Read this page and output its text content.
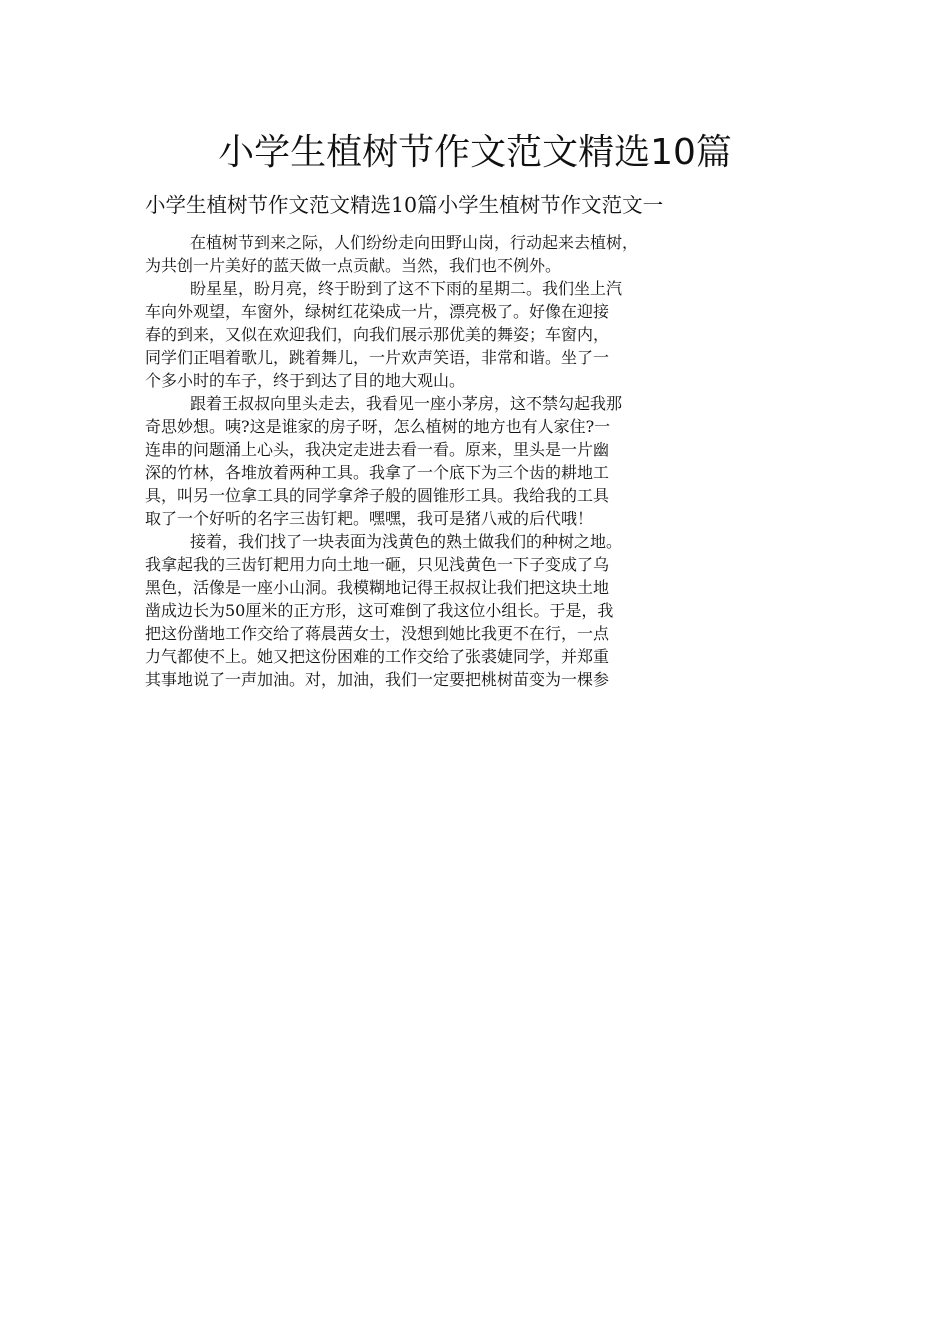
小学生植树节作文范文精选10篇

小学生植树节作文范文精选10篇小学生植树节作文范文一

在植树节到来之际，人们纷纷走向田野山岗，行动起来去植树，
为共创一片美好的蓝天做一点贡献。当然，我们也不例外。
盼星星，盼月亮，终于盼到了这不下雨的星期二。我们坐上汽
车向外观望，车窗外，绿树红花染成一片，漂亮极了。好像在迎接
春的到来，又似在欢迎我们，向我们展示那优美的舞姿；车窗内，
同学们正唱着歌儿，跳着舞儿，一片欢声笑语，非常和谐。坐了一
个多小时的车子，终于到达了目的地大观山。
跟着王叔叔向里头走去，我看见一座小茅房，这不禁勾起我那
奇思妙想。咦?这是谁家的房子呀，怎么植树的地方也有人家住?一
连串的问题涌上心头，我决定走进去看一看。原来，里头是一片幽
深的竹林，各堆放着两种工具。我拿了一个底下为三个齿的耕地工
具，叫另一位拿工具的同学拿斧子般的圆锥形工具。我给我的工具
取了一个好听的名字三齿钉耙。嘿嘿，我可是猪八戒的后代哦！
接着，我们找了一块表面为浅黄色的熟土做我们的种树之地。
我拿起我的三齿钉耙用力向土地一砸，只见浅黄色一下子变成了乌
黑色，活像是一座小山洞。我模糊地记得王叔叔让我们把这块土地
凿成边长为50厘米的正方形，这可难倒了我这位小组长。于是，我
把这份凿地工作交给了蒋晨茜女士，没想到她比我更不在行，一点
力气都使不上。她又把这份困难的工作交给了张裘婕同学，并郑重
其事地说了一声加油。对，加油，我们一定要把桃树苗变为一棵参
